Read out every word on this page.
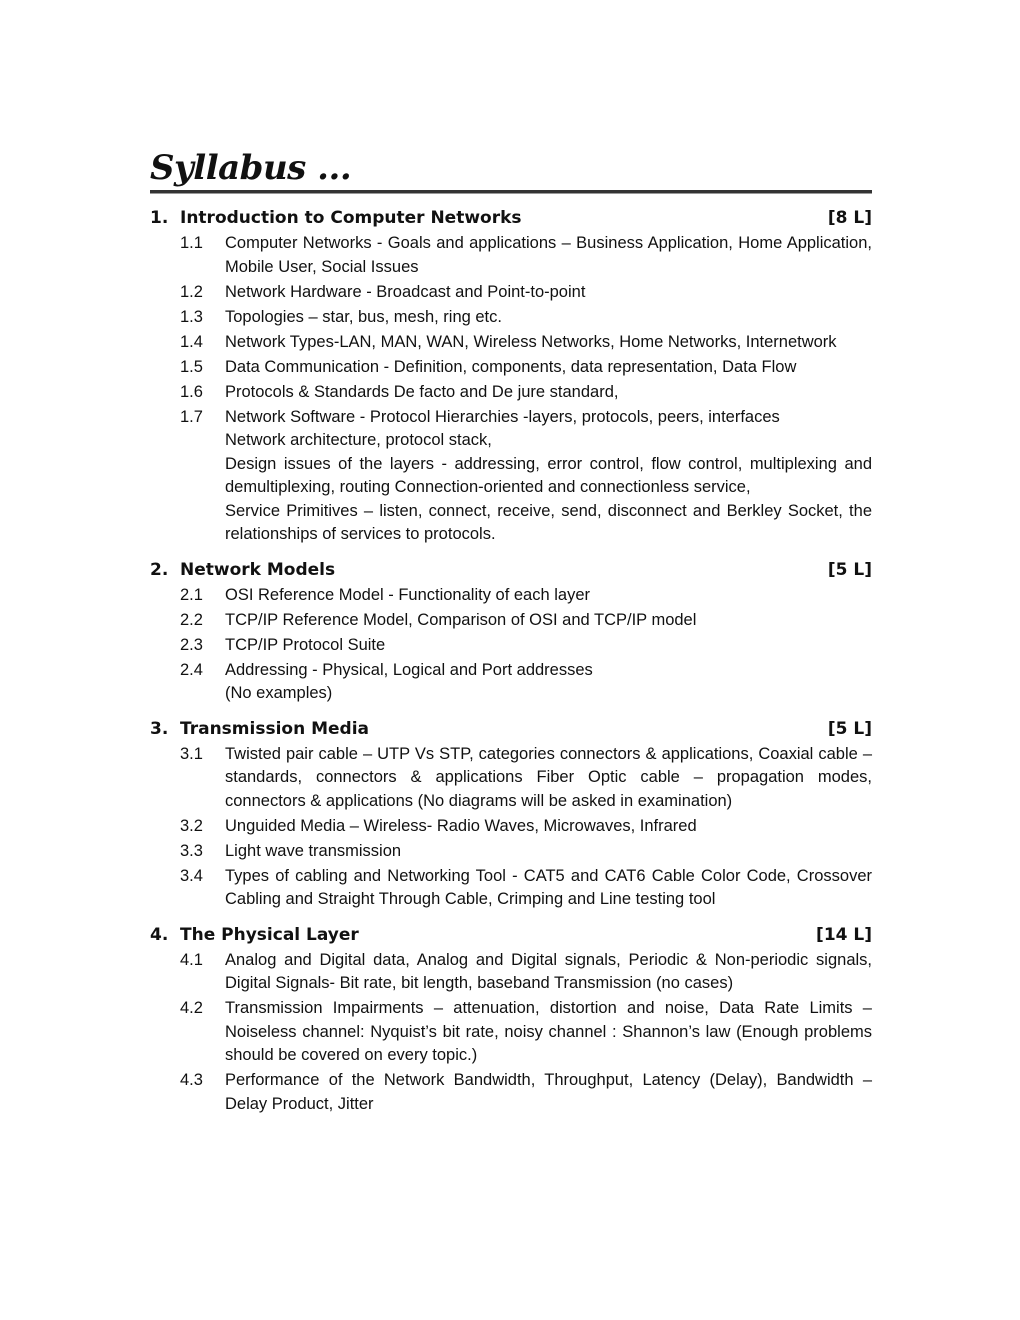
Syllabus ...
1. Introduction to Computer Networks	[8 L]
1.1	Computer Networks - Goals and applications – Business Application, Home Application, Mobile User, Social Issues

1.2	Network Hardware - Broadcast and Point-to-point

1.3	Topologies – star, bus, mesh, ring etc.

1.4	Network Types-LAN, MAN, WAN, Wireless Networks, Home Networks, Internetwork

1.5	Data Communication - Definition, components, data representation, Data Flow

1.6	Protocols & Standards De facto and De jure standard,

1.7	Network Software - Protocol Hierarchies -layers, protocols, peers, interfaces

Network architecture, protocol stack,

Design issues of the layers - addressing, error control, flow control, multiplexing and demultiplexing, routing Connection-oriented and connectionless service,

Service Primitives – listen, connect, receive, send, disconnect and Berkley Socket, the relationships of services to protocols.

2. Network Models	[5 L]
2.1	OSI Reference Model - Functionality of each layer

2.2	TCP/IP Reference Model, Comparison of OSI and TCP/IP model

2.3	TCP/IP Protocol Suite

2.4	Addressing - Physical, Logical and Port addresses

(No examples)

3. Transmission Media	[5 L]
3.1	Twisted pair cable – UTP Vs STP, categories connectors & applications, Coaxial cable – standards, connectors & applications Fiber Optic cable – propagation modes, connectors & applications (No diagrams will be asked in examination)

3.2	Unguided Media – Wireless- Radio Waves, Microwaves, Infrared

3.3	Light wave transmission

3.4	Types of cabling and Networking Tool - CAT5 and CAT6 Cable Color Code, Crossover Cabling and Straight Through Cable, Crimping and Line testing tool

4. The Physical Layer	[14 L]
4.1	Analog and Digital data, Analog and Digital signals, Periodic & Non-periodic signals, Digital Signals- Bit rate, bit length, baseband Transmission (no cases)

4.2	Transmission Impairments – attenuation, distortion and noise, Data Rate Limits – Noiseless channel: Nyquist’s bit rate, noisy channel : Shannon’s law (Enough problems should be covered on every topic.)

4.3	Performance of the Network Bandwidth, Throughput, Latency (Delay), Bandwidth – Delay Product, Jitter
